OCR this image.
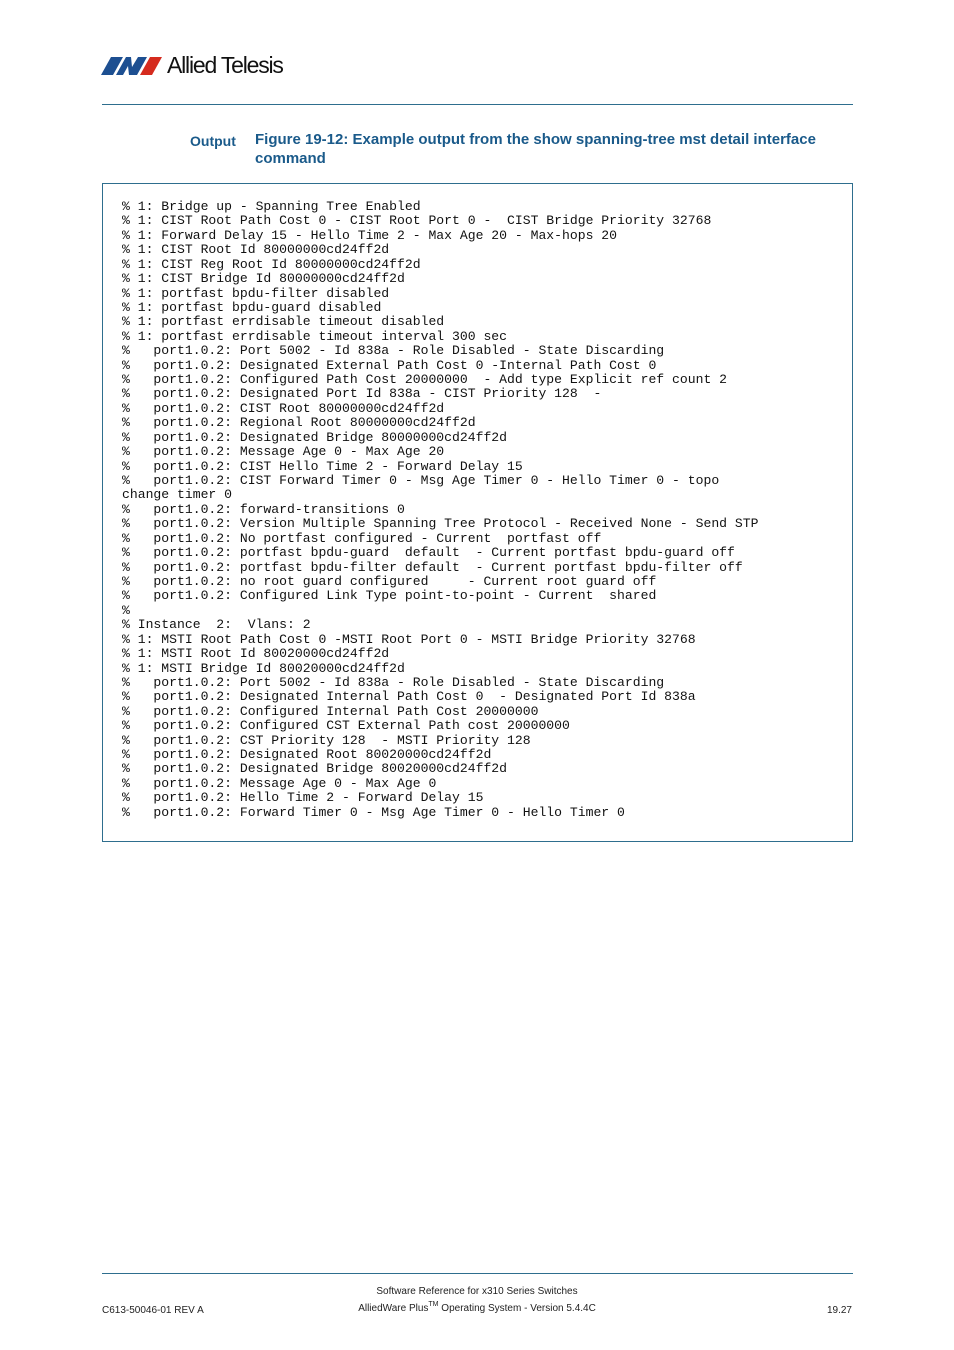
Allied Telesis
Output Figure 19-12: Example output from the show spanning-tree mst detail interface command
% 1: Bridge up - Spanning Tree Enabled
% 1: CIST Root Path Cost 0 - CIST Root Port 0 -  CIST Bridge Priority 32768
% 1: Forward Delay 15 - Hello Time 2 - Max Age 20 - Max-hops 20
% 1: CIST Root Id 80000000cd24ff2d
% 1: CIST Reg Root Id 80000000cd24ff2d
% 1: CIST Bridge Id 80000000cd24ff2d
% 1: portfast bpdu-filter disabled
% 1: portfast bpdu-guard disabled
% 1: portfast errdisable timeout disabled
% 1: portfast errdisable timeout interval 300 sec
%   port1.0.2: Port 5002 - Id 838a - Role Disabled - State Discarding
%   port1.0.2: Designated External Path Cost 0 -Internal Path Cost 0
%   port1.0.2: Configured Path Cost 20000000  - Add type Explicit ref count 2
%   port1.0.2: Designated Port Id 838a - CIST Priority 128  -
%   port1.0.2: CIST Root 80000000cd24ff2d
%   port1.0.2: Regional Root 80000000cd24ff2d
%   port1.0.2: Designated Bridge 80000000cd24ff2d
%   port1.0.2: Message Age 0 - Max Age 20
%   port1.0.2: CIST Hello Time 2 - Forward Delay 15
%   port1.0.2: CIST Forward Timer 0 - Msg Age Timer 0 - Hello Timer 0 - topo
change timer 0
%   port1.0.2: forward-transitions 0
%   port1.0.2: Version Multiple Spanning Tree Protocol - Received None - Send STP
%   port1.0.2: No portfast configured - Current  portfast off
%   port1.0.2: portfast bpdu-guard  default  - Current portfast bpdu-guard off
%   port1.0.2: portfast bpdu-filter default  - Current portfast bpdu-filter off
%   port1.0.2: no root guard configured     - Current root guard off
%   port1.0.2: Configured Link Type point-to-point - Current  shared
%
% Instance  2:  Vlans: 2
% 1: MSTI Root Path Cost 0 -MSTI Root Port 0 - MSTI Bridge Priority 32768
% 1: MSTI Root Id 80020000cd24ff2d
% 1: MSTI Bridge Id 80020000cd24ff2d
%   port1.0.2: Port 5002 - Id 838a - Role Disabled - State Discarding
%   port1.0.2: Designated Internal Path Cost 0  - Designated Port Id 838a
%   port1.0.2: Configured Internal Path Cost 20000000
%   port1.0.2: Configured CST External Path cost 20000000
%   port1.0.2: CST Priority 128  - MSTI Priority 128
%   port1.0.2: Designated Root 80020000cd24ff2d
%   port1.0.2: Designated Bridge 80020000cd24ff2d
%   port1.0.2: Message Age 0 - Max Age 0
%   port1.0.2: Hello Time 2 - Forward Delay 15
%   port1.0.2: Forward Timer 0 - Msg Age Timer 0 - Hello Timer 0
Software Reference for x310 Series Switches
C613-50046-01 REV A	AlliedWare Plus™ Operating System - Version 5.4.4C	19.27
